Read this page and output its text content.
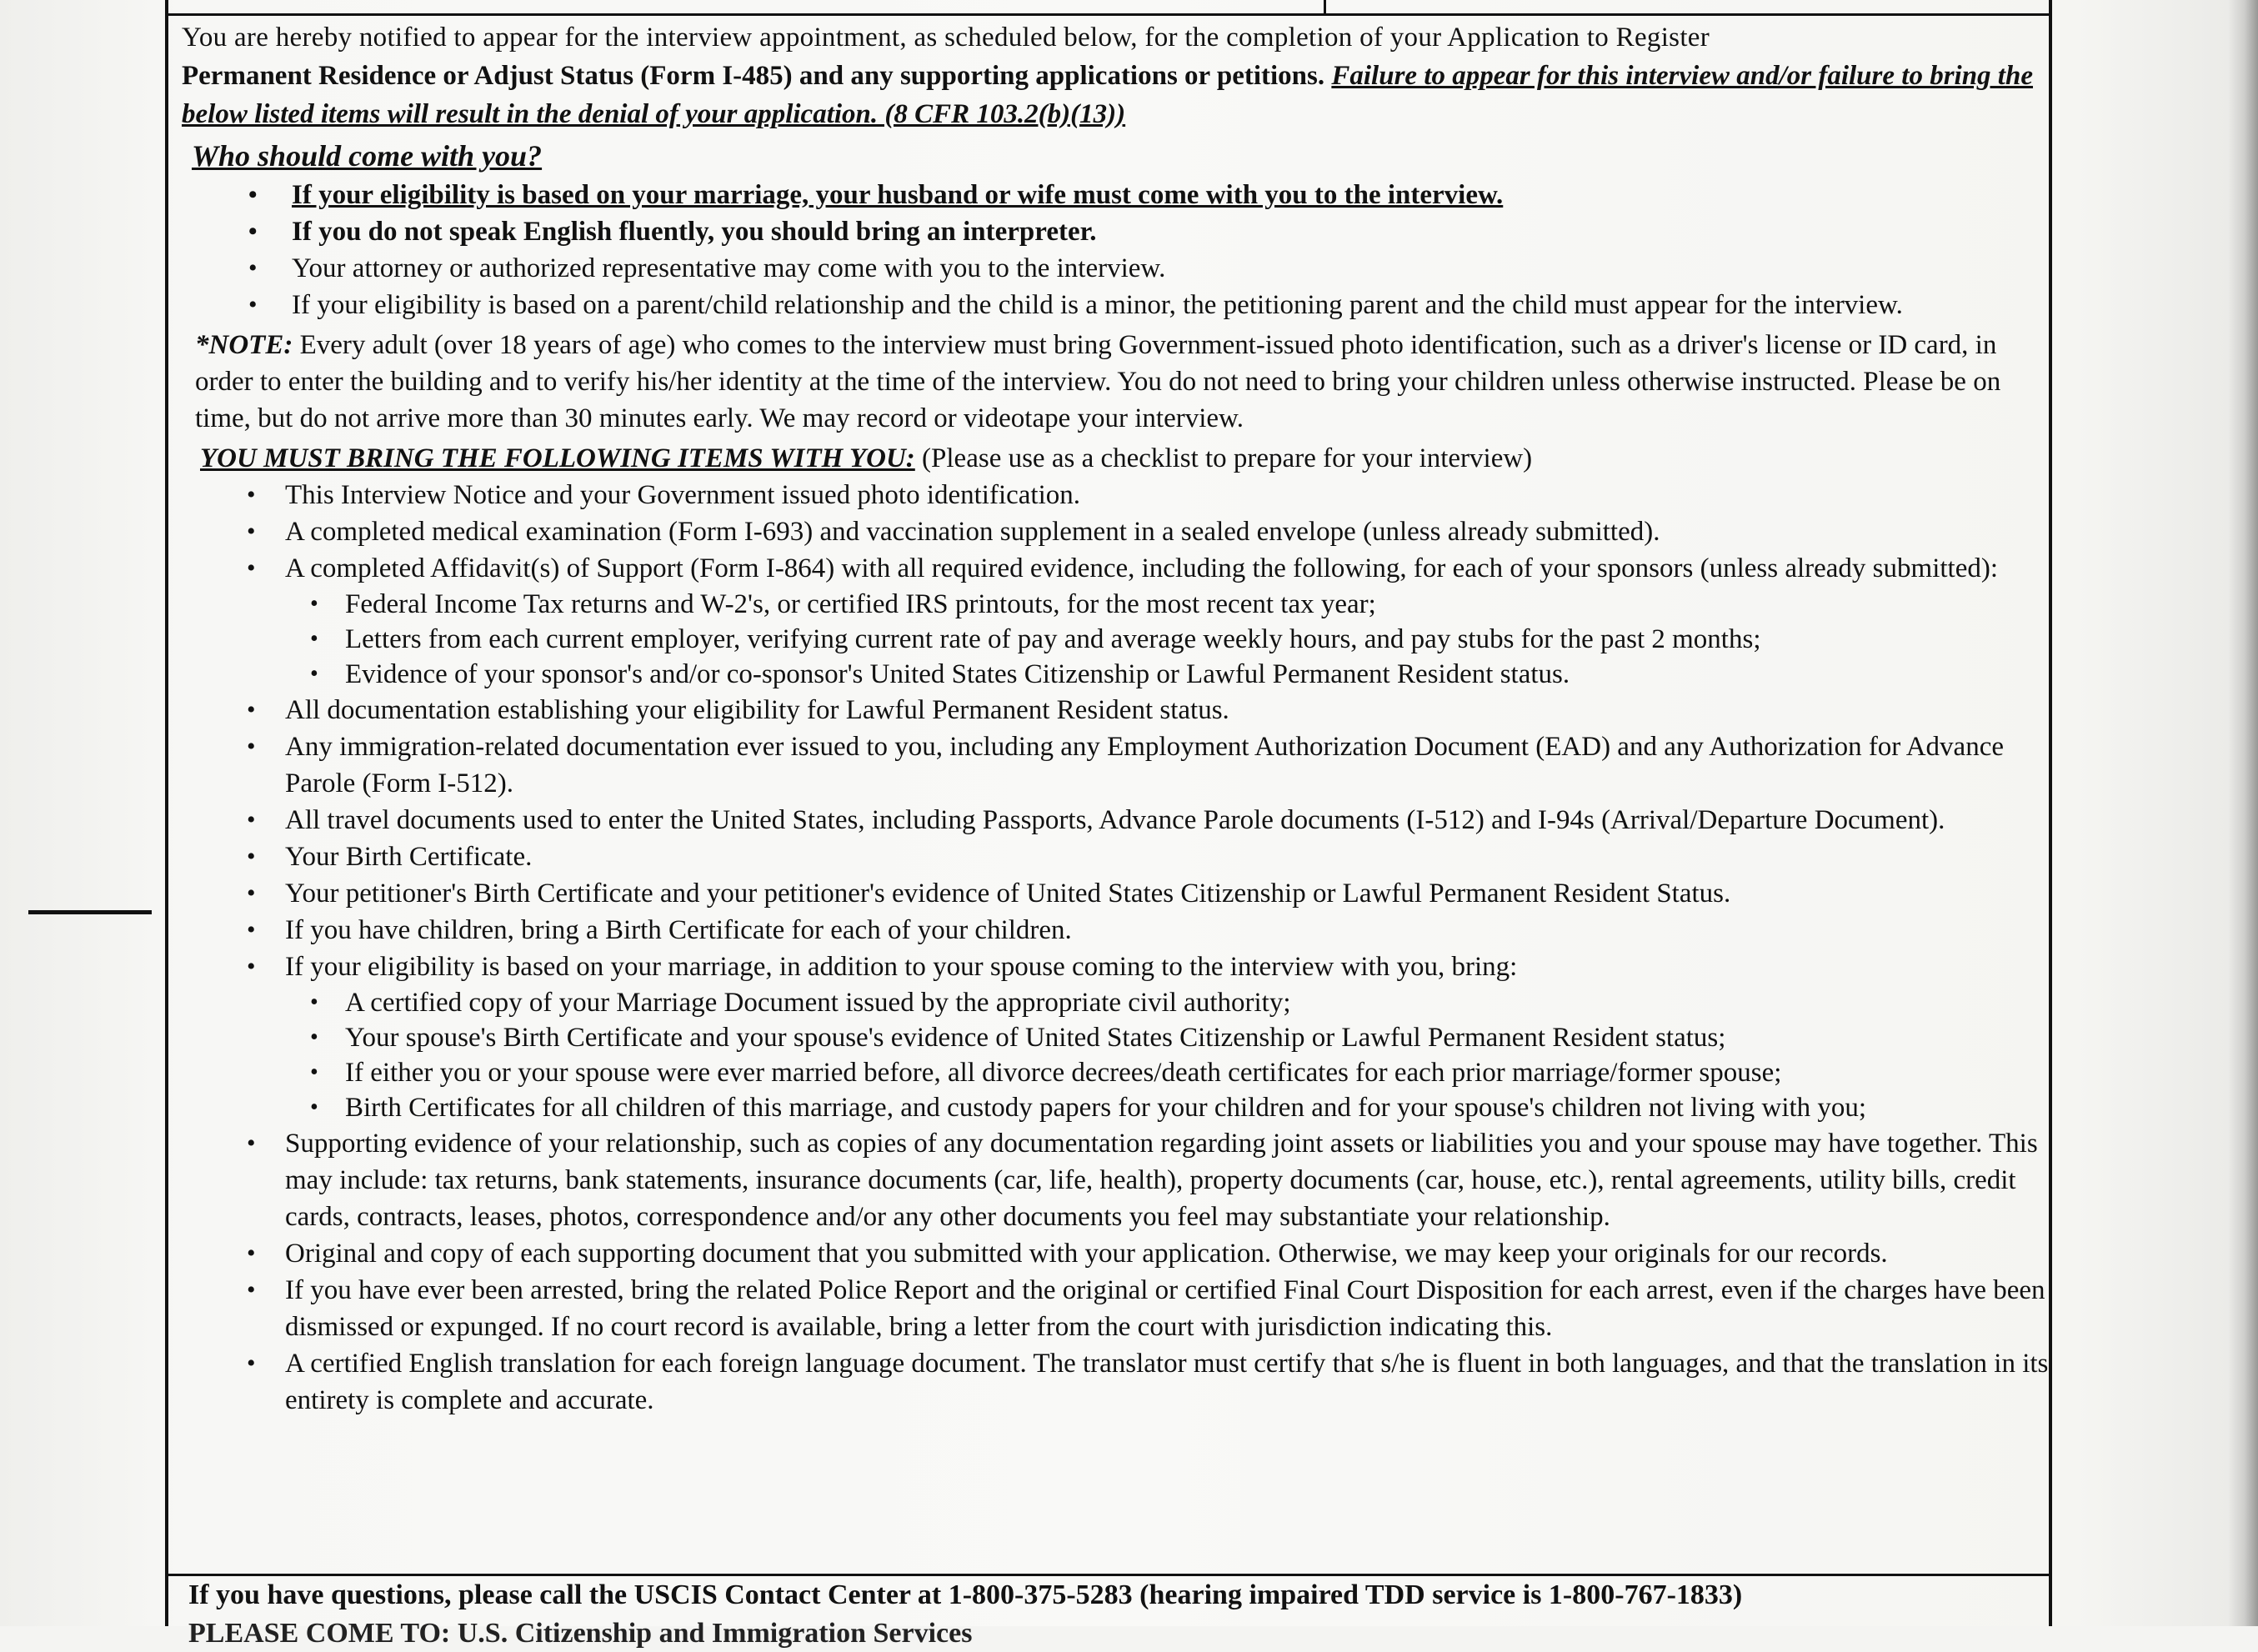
You are hereby notified to appear for the interview appointment, as scheduled below, for the completion of your Application to Register
Permanent Residence or Adjust Status (Form I-485) and any supporting applications or petitions. Failure to appear for this interview and/or failure to bring the below listed items will result in the denial of your application. (8 CFR 103.2(b)(13))

Who should come with you?
• If your eligibility is based on your marriage, your husband or wife must come with you to the interview.
• If you do not speak English fluently, you should bring an interpreter.
• Your attorney or authorized representative may come with you to the interview.
• If your eligibility is based on a parent/child relationship and the child is a minor, the petitioning parent and the child must appear for the interview.

*NOTE: Every adult (over 18 years of age) who comes to the interview must bring Government-issued photo identification, such as a driver's license or ID card, in order to enter the building and to verify his/her identity at the time of the interview. You do not need to bring your children unless otherwise instructed. Please be on time, but do not arrive more than 30 minutes early. We may record or videotape your interview.

YOU MUST BRING THE FOLLOWING ITEMS WITH YOU: (Please use as a checklist to prepare for your interview)
• This Interview Notice and your Government issued photo identification.
• A completed medical examination (Form I-693) and vaccination supplement in a sealed envelope (unless already submitted).
• A completed Affidavit(s) of Support (Form I-864) with all required evidence, including the following, for each of your sponsors (unless already submitted):
• Federal Income Tax returns and W-2's, or certified IRS printouts, for the most recent tax year;
• Letters from each current employer, verifying current rate of pay and average weekly hours, and pay stubs for the past 2 months;
• Evidence of your sponsor's and/or co-sponsor's United States Citizenship or Lawful Permanent Resident status.
• All documentation establishing your eligibility for Lawful Permanent Resident status.
• Any immigration-related documentation ever issued to you, including any Employment Authorization Document (EAD) and any Authorization for Advance Parole (Form I-512).
• All travel documents used to enter the United States, including Passports, Advance Parole documents (I-512) and I-94s (Arrival/Departure Document).
• Your Birth Certificate.
• Your petitioner's Birth Certificate and your petitioner's evidence of United States Citizenship or Lawful Permanent Resident Status.
• If you have children, bring a Birth Certificate for each of your children.
• If your eligibility is based on your marriage, in addition to your spouse coming to the interview with you, bring:
• A certified copy of your Marriage Document issued by the appropriate civil authority;
• Your spouse's Birth Certificate and your spouse's evidence of United States Citizenship or Lawful Permanent Resident status;
• If either you or your spouse were ever married before, all divorce decrees/death certificates for each prior marriage/former spouse;
• Birth Certificates for all children of this marriage, and custody papers for your children and for your spouse's children not living with you;
• Supporting evidence of your relationship, such as copies of any documentation regarding joint assets or liabilities you and your spouse may have together. This may include: tax returns, bank statements, insurance documents (car, life, health), property documents (car, house, etc.), rental agreements, utility bills, credit cards, contracts, leases, photos, correspondence and/or any other documents you feel may substantiate your relationship.
• Original and copy of each supporting document that you submitted with your application. Otherwise, we may keep your originals for our records.
• If you have ever been arrested, bring the related Police Report and the original or certified Final Court Disposition for each arrest, even if the charges have been dismissed or expunged. If no court record is available, bring a letter from the court with jurisdiction indicating this.
• A certified English translation for each foreign language document. The translator must certify that s/he is fluent in both languages, and that the translation in its entirety is complete and accurate.
If you have questions, please call the USCIS Contact Center at 1-800-375-5283 (hearing impaired TDD service is 1-800-767-1833)
PLEASE COME TO: U.S. Citizenship and Immigration Services
